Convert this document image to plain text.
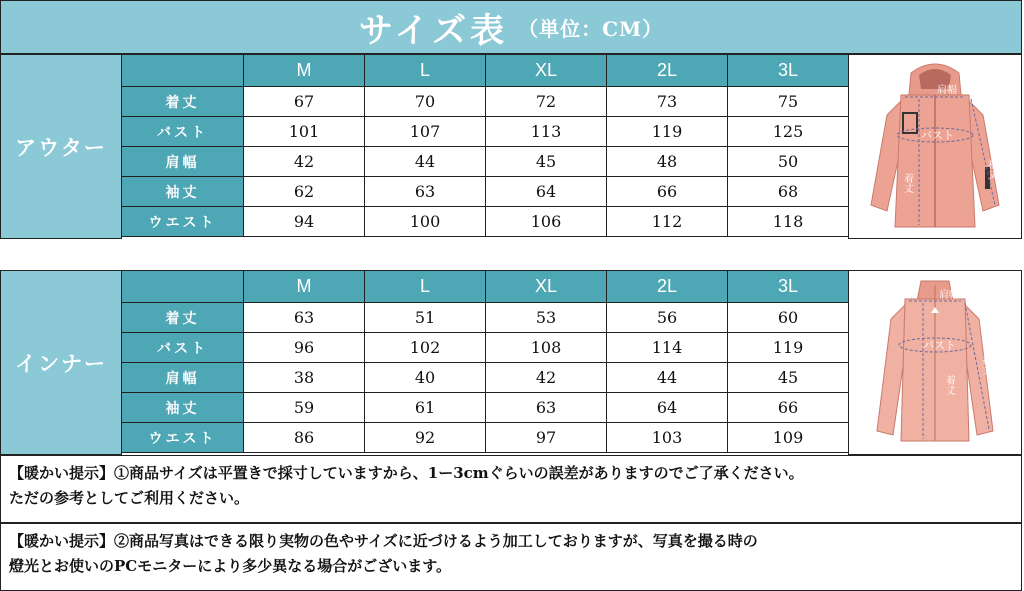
サイズ表 （単位：CM）
アウター
	M	L	XL	2L	3L
着丈	67	70	72	73	75
バスト	101	107	113	119	125
肩幅	42	44	45	48	50
袖丈	62	63	64	66	68
ウエスト	94	100	106	112	118
肩幅
バスト
袖丈
着丈
インナー
	M	L	XL	2L	3L
着丈	63	51	53	56	60
バスト	96	102	108	114	119
肩幅	38	40	42	44	45
袖丈	59	61	63	64	66
ウエスト	86	92	97	103	109
肩幅
バスト
袖丈
着丈

【暖かい提示】①商品サイズは平置きで採寸していますから、1ー3cmぐらいの誤差がありますのでご了承ください。

ただの参考としてご利用ください。

【暖かい提示】②商品写真はできる限り実物の色やサイズに近づけるよう加工しておりますが、写真を撮る時の

燈光とお使いのPCモニターにより多少異なる場合がございます。
